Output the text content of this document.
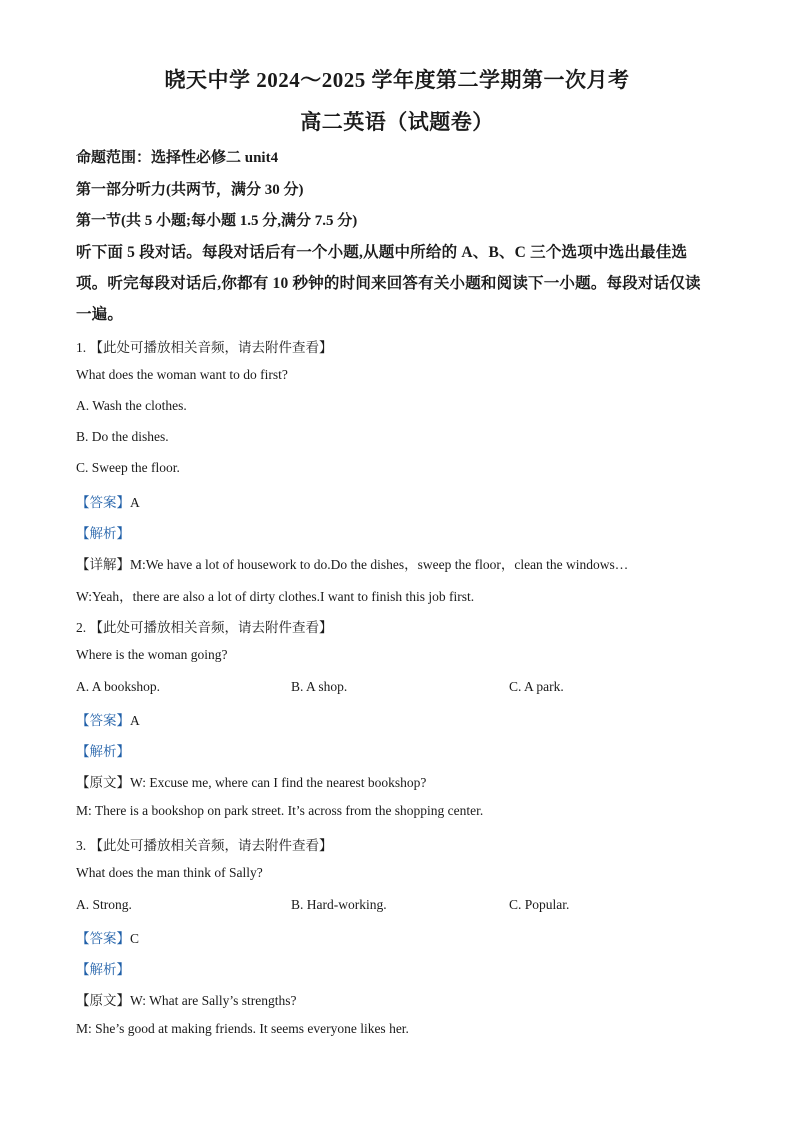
晓天中学 2024～2025 学年度第二学期第一次月考
高二英语（试题卷）
命题范围：选择性必修二 unit4
第一部分听力(共两节，满分 30 分)
第一节(共 5 小题;每小题 1.5 分,满分 7.5 分)
听下面 5 段对话。每段对话后有一个小题,从题中所给的 A、B、C 三个选项中选出最佳选
项。听完每段对话后,你都有 10 秒钟的时间来回答有关小题和阅读下一小题。每段对话仅读
一遍。
1. 【此处可播放相关音频，请去附件查看】
What does the woman want to do first?
A. Wash the clothes.
B. Do the dishes.
C. Sweep the floor.
【答案】A
【解析】
【详解】M:We have a lot of housework to do.Do the dishes，sweep the floor，clean the windows…
W:Yeah，there are also a lot of dirty clothes.I want to finish this job first.
2. 【此处可播放相关音频，请去附件查看】
Where is the woman going?
A. A bookshop.	B. A shop.	C. A park.
【答案】A
【解析】
【原文】W: Excuse me, where can I find the nearest bookshop?
M: There is a bookshop on park street. It’s across from the shopping center.
3. 【此处可播放相关音频，请去附件查看】
What does the man think of Sally?
A. Strong.	B. Hard-working.	C. Popular.
【答案】C
【解析】
【原文】W: What are Sally’s strengths?
M: She’s good at making friends. It seems everyone likes her.
